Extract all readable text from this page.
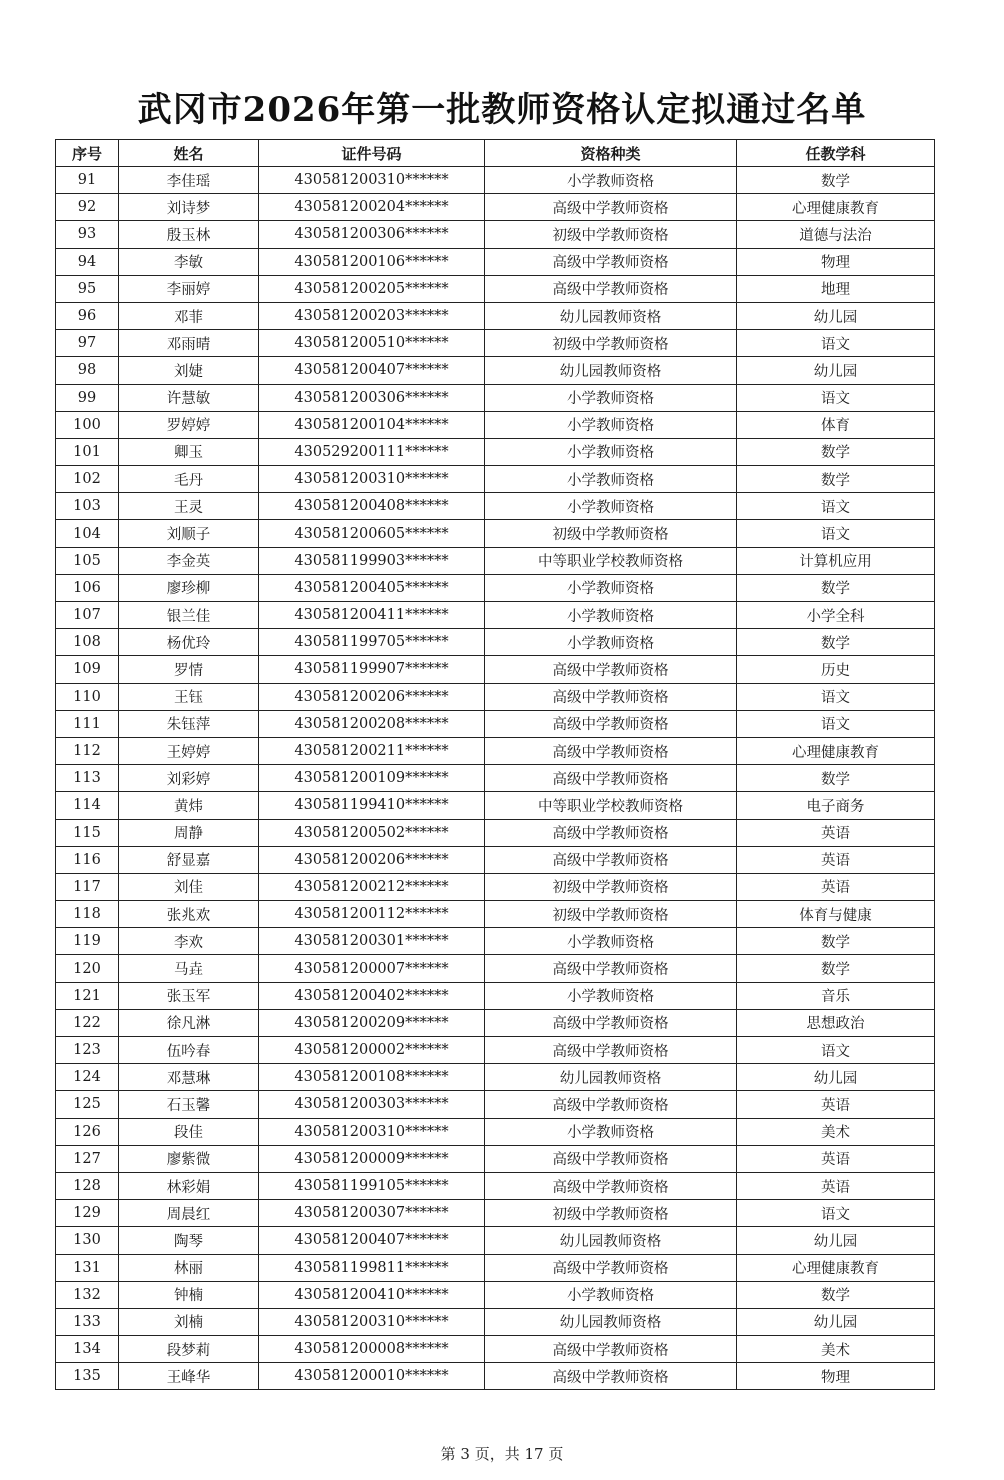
武冈市2026年第一批教师资格认定拟通过名单
序号	姓名	证件号码	资格种类	任教学科
91	李佳瑶	430581200310******	小学教师资格	数学
92	刘诗梦	430581200204******	高级中学教师资格	心理健康教育
93	殷玉林	430581200306******	初级中学教师资格	道德与法治
94	李敏	430581200106******	高级中学教师资格	物理
95	李丽婷	430581200205******	高级中学教师资格	地理
96	邓菲	430581200203******	幼儿园教师资格	幼儿园
97	邓雨晴	430581200510******	初级中学教师资格	语文
98	刘婕	430581200407******	幼儿园教师资格	幼儿园
99	许慧敏	430581200306******	小学教师资格	语文
100	罗婷婷	430581200104******	小学教师资格	体育
101	卿玉	430529200111******	小学教师资格	数学
102	毛丹	430581200310******	小学教师资格	数学
103	王灵	430581200408******	小学教师资格	语文
104	刘顺子	430581200605******	初级中学教师资格	语文
105	李金英	430581199903******	中等职业学校教师资格	计算机应用
106	廖珍柳	430581200405******	小学教师资格	数学
107	银兰佳	430581200411******	小学教师资格	小学全科
108	杨优玲	430581199705******	小学教师资格	数学
109	罗情	430581199907******	高级中学教师资格	历史
110	王钰	430581200206******	高级中学教师资格	语文
111	朱钰萍	430581200208******	高级中学教师资格	语文
112	王婷婷	430581200211******	高级中学教师资格	心理健康教育
113	刘彩婷	430581200109******	高级中学教师资格	数学
114	黄炜	430581199410******	中等职业学校教师资格	电子商务
115	周静	430581200502******	高级中学教师资格	英语
116	舒显嘉	430581200206******	高级中学教师资格	英语
117	刘佳	430581200212******	初级中学教师资格	英语
118	张兆欢	430581200112******	初级中学教师资格	体育与健康
119	李欢	430581200301******	小学教师资格	数学
120	马垚	430581200007******	高级中学教师资格	数学
121	张玉军	430581200402******	小学教师资格	音乐
122	徐凡淋	430581200209******	高级中学教师资格	思想政治
123	伍吟春	430581200002******	高级中学教师资格	语文
124	邓慧琳	430581200108******	幼儿园教师资格	幼儿园
125	石玉馨	430581200303******	高级中学教师资格	英语
126	段佳	430581200310******	小学教师资格	美术
127	廖紫微	430581200009******	高级中学教师资格	英语
128	林彩娟	430581199105******	高级中学教师资格	英语
129	周晨红	430581200307******	初级中学教师资格	语文
130	陶琴	430581200407******	幼儿园教师资格	幼儿园
131	林丽	430581199811******	高级中学教师资格	心理健康教育
132	钟楠	430581200410******	小学教师资格	数学
133	刘楠	430581200310******	幼儿园教师资格	幼儿园
134	段梦莉	430581200008******	高级中学教师资格	美术
135	王峰华	430581200010******	高级中学教师资格	物理
第 3 页，共 17 页
